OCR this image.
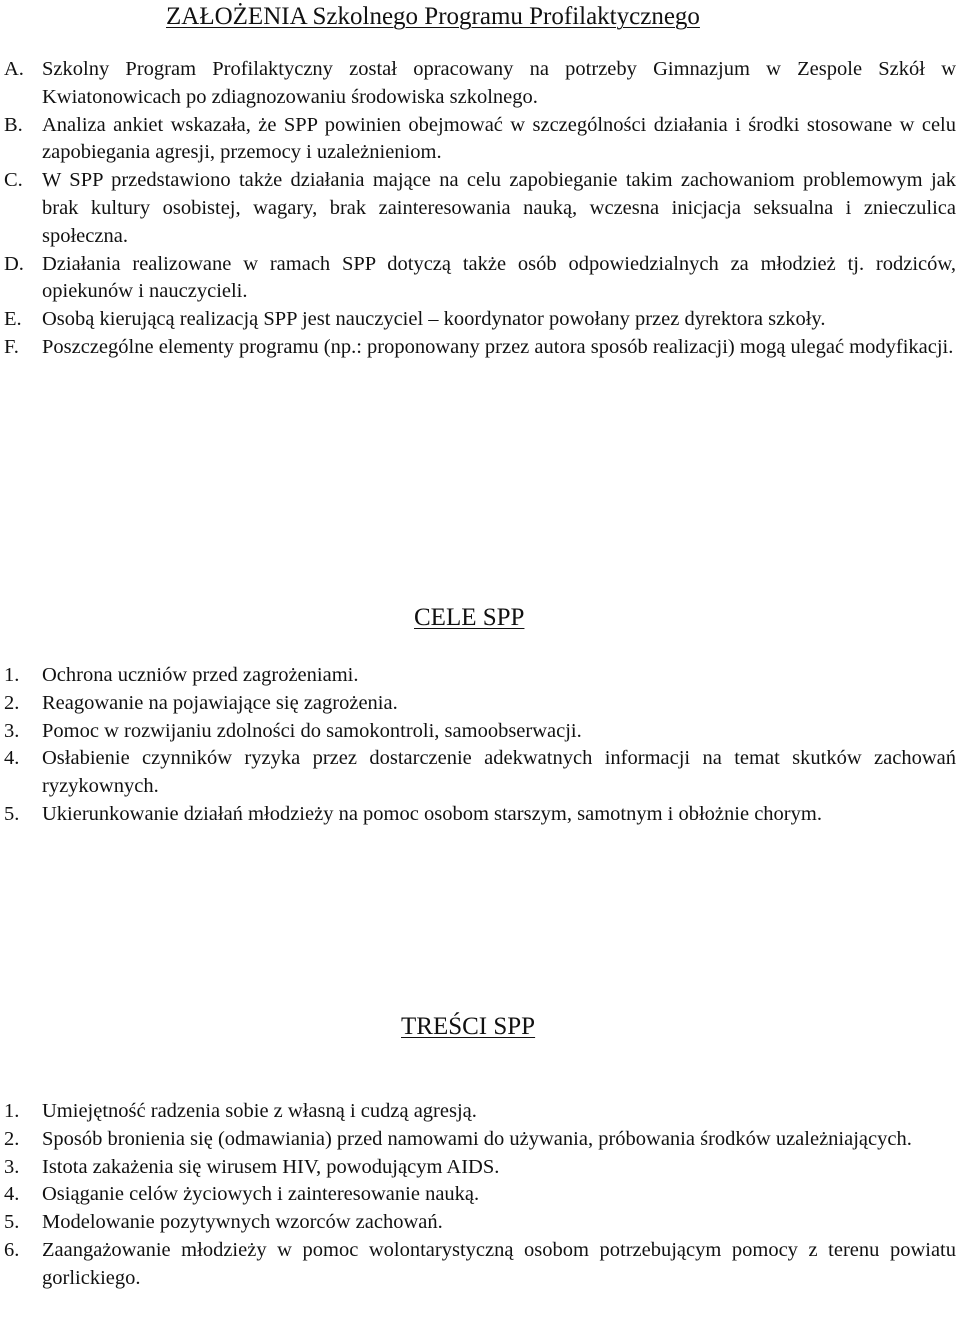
ZAŁOŻENIA Szkolnego Programu Profilaktycznego
A. Szkolny Program Profilaktyczny został opracowany na potrzeby Gimnazjum w Zespole Szkół w Kwiatonowicach po zdiagnozowaniu środowiska szkolnego.
B. Analiza ankiet wskazała, że SPP powinien obejmować w szczególności działania i środki stosowane w celu zapobiegania agresji, przemocy i uzależnieniom.
C. W SPP przedstawiono także działania mające na celu zapobieganie takim zachowaniom problemowym jak brak kultury osobistej, wagary, brak zainteresowania nauką, wczesna inicjacja seksualna i znieczulica społeczna.
D. Działania realizowane w ramach SPP dotyczą także osób odpowiedzialnych za młodzież tj. rodziców, opiekunów i nauczycieli.
E. Osobą kierującą realizacją SPP jest nauczyciel – koordynator powołany przez dyrektora szkoły.
F.	Poszczególne elementy programu (np.: proponowany przez autora sposób realizacji) mogą ulegać modyfikacji.
CELE SPP
1.	Ochrona uczniów przed zagrożeniami.
2.	Reagowanie na pojawiające się zagrożenia.
3.	Pomoc w rozwijaniu zdolności do samokontroli, samoobserwacji.
4.	Osłabienie czynników ryzyka przez dostarczenie adekwatnych informacji na temat skutków zachowań ryzykownych.
5.	Ukierunkowanie działań młodzieży na pomoc osobom starszym, samotnym i obłożnie chorym.
TREŚCI SPP
1.	Umiejętność radzenia sobie z własną i cudzą agresją.
2.	Sposób bronienia się (odmawiania) przed namowami do używania, próbowania środków uzależniających.
3.	Istota zakażenia się wirusem HIV, powodującym AIDS.
4.	Osiąganie celów życiowych i zainteresowanie nauką.
5.	Modelowanie pozytywnych wzorców zachowań.
6.	Zaangażowanie młodzieży w pomoc wolontarystyczną osobom potrzebującym pomocy z terenu powiatu gorlickiego.
